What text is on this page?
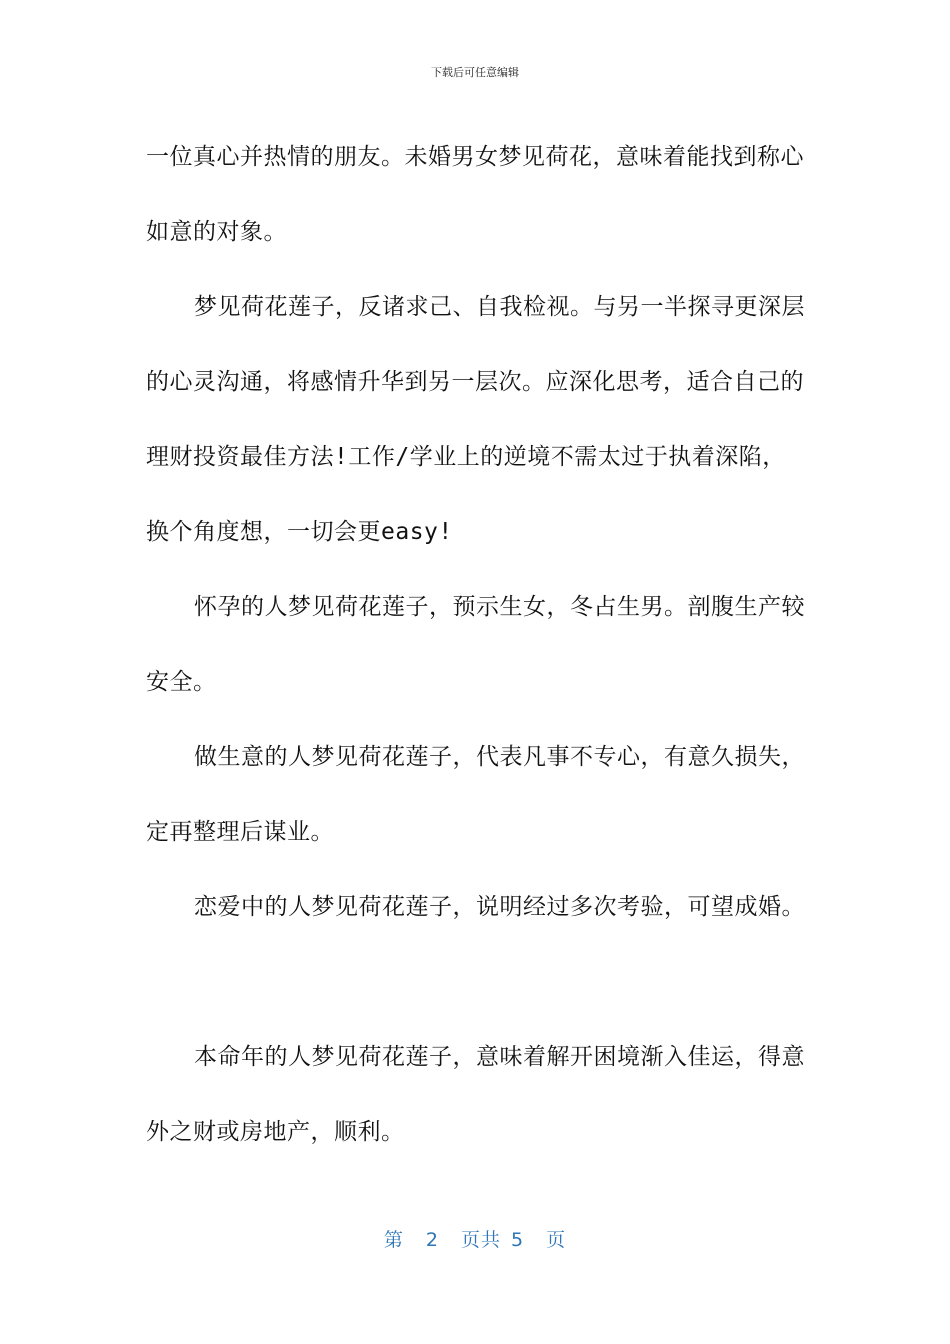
下载后可任意编辑

一位真心并热情的朋友。未婚男女梦见荷花，意味着能找到称心如意的对象。

梦见荷花莲子，反诸求己、自我检视。与另一半探寻更深层的心灵沟通，将感情升华到另一层次。应深化思考，适合自己的理财投资最佳方法!工作/学业上的逆境不需太过于执着深陷，换个角度想，一切会更easy!

怀孕的人梦见荷花莲子，预示生女，冬占生男。剖腹生产较安全。

做生意的人梦见荷花莲子，代表凡事不专心，有意久损失，定再整理后谋业。

恋爱中的人梦见荷花莲子，说明经过多次考验，可望成婚。

本命年的人梦见荷花莲子，意味着解开困境渐入佳运，得意外之财或房地产，顺利。

第 2 页共 5 页
